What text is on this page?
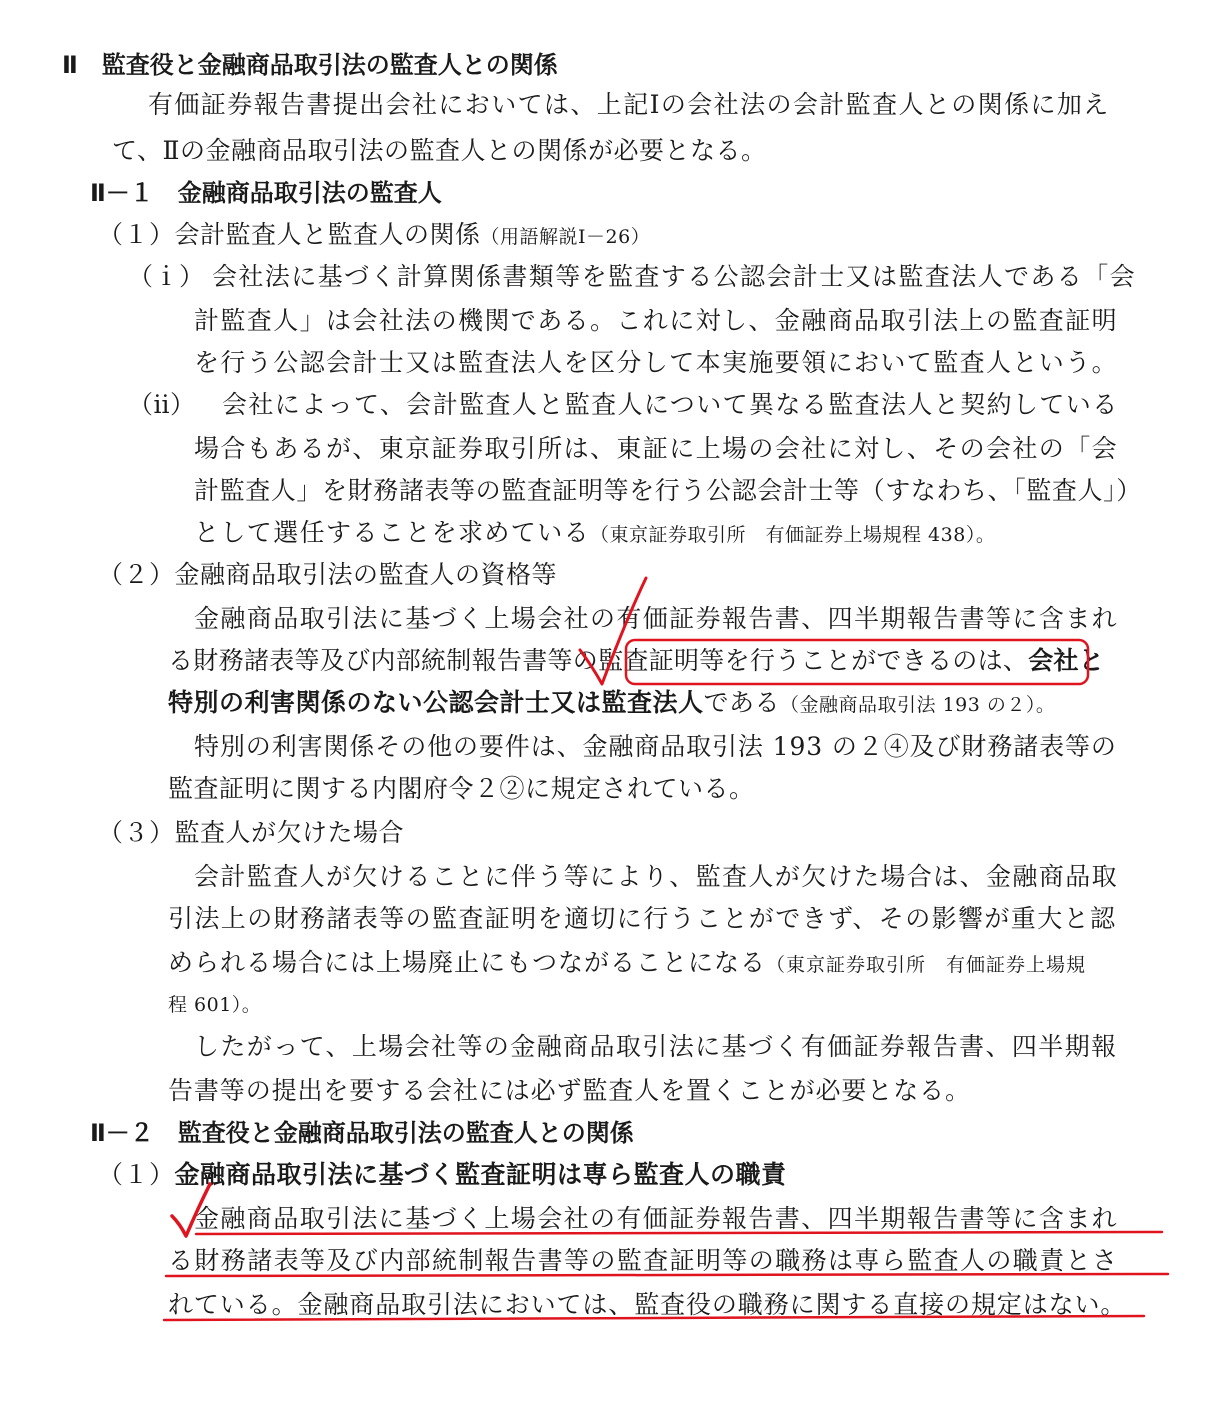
Ⅱ　監査役と金融商品取引法の監査人との関係
有価証券報告書提出会社においては、上記Ⅰの会社法の会計監査人との関係に加え
て、Ⅱの金融商品取引法の監査人との関係が必要となる。
Ⅱ－１　金融商品取引法の監査人
（１）会計監査人と監査人の関係（用語解説Ⅰ－26）
（ｉ） 会社法に基づく計算関係書類等を監査する公認会計士又は監査法人である「会
計監査人」は会社法の機関である。これに対し、金融商品取引法上の監査証明
を行う公認会計士又は監査法人を区分して本実施要領において監査人という。
（ⅱ） 会社によって、会計監査人と監査人について異なる監査法人と契約している
場合もあるが、東京証券取引所は、東証に上場の会社に対し、その会社の「会
計監査人」を財務諸表等の監査証明等を行う公認会計士等（すなわち、「監査人」）
として選任することを求めている（東京証券取引所　有価証券上場規程 438）。
（２）金融商品取引法の監査人の資格等
金融商品取引法に基づく上場会社の有価証券報告書、四半期報告書等に含まれ
る財務諸表等及び内部統制報告書等の監査証明等を行うことができるのは、会社と
特別の利害関係のない公認会計士又は監査法人である（金融商品取引法 193 の２）。
特別の利害関係その他の要件は、金融商品取引法 193 の２④及び財務諸表等の
監査証明に関する内閣府令２②に規定されている。
（３）監査人が欠けた場合
会計監査人が欠けることに伴う等により、監査人が欠けた場合は、金融商品取
引法上の財務諸表等の監査証明を適切に行うことができず、その影響が重大と認
められる場合には上場廃止にもつながることになる（東京証券取引所　有価証券上場規
程 601）。
したがって、上場会社等の金融商品取引法に基づく有価証券報告書、四半期報
告書等の提出を要する会社には必ず監査人を置くことが必要となる。
Ⅱ－２　監査役と金融商品取引法の監査人との関係
（１）金融商品取引法に基づく監査証明は専ら監査人の職責
金融商品取引法に基づく上場会社の有価証券報告書、四半期報告書等に含まれ
る財務諸表等及び内部統制報告書等の監査証明等の職務は専ら監査人の職責とさ
れている。金融商品取引法においては、監査役の職務に関する直接の規定はない。
